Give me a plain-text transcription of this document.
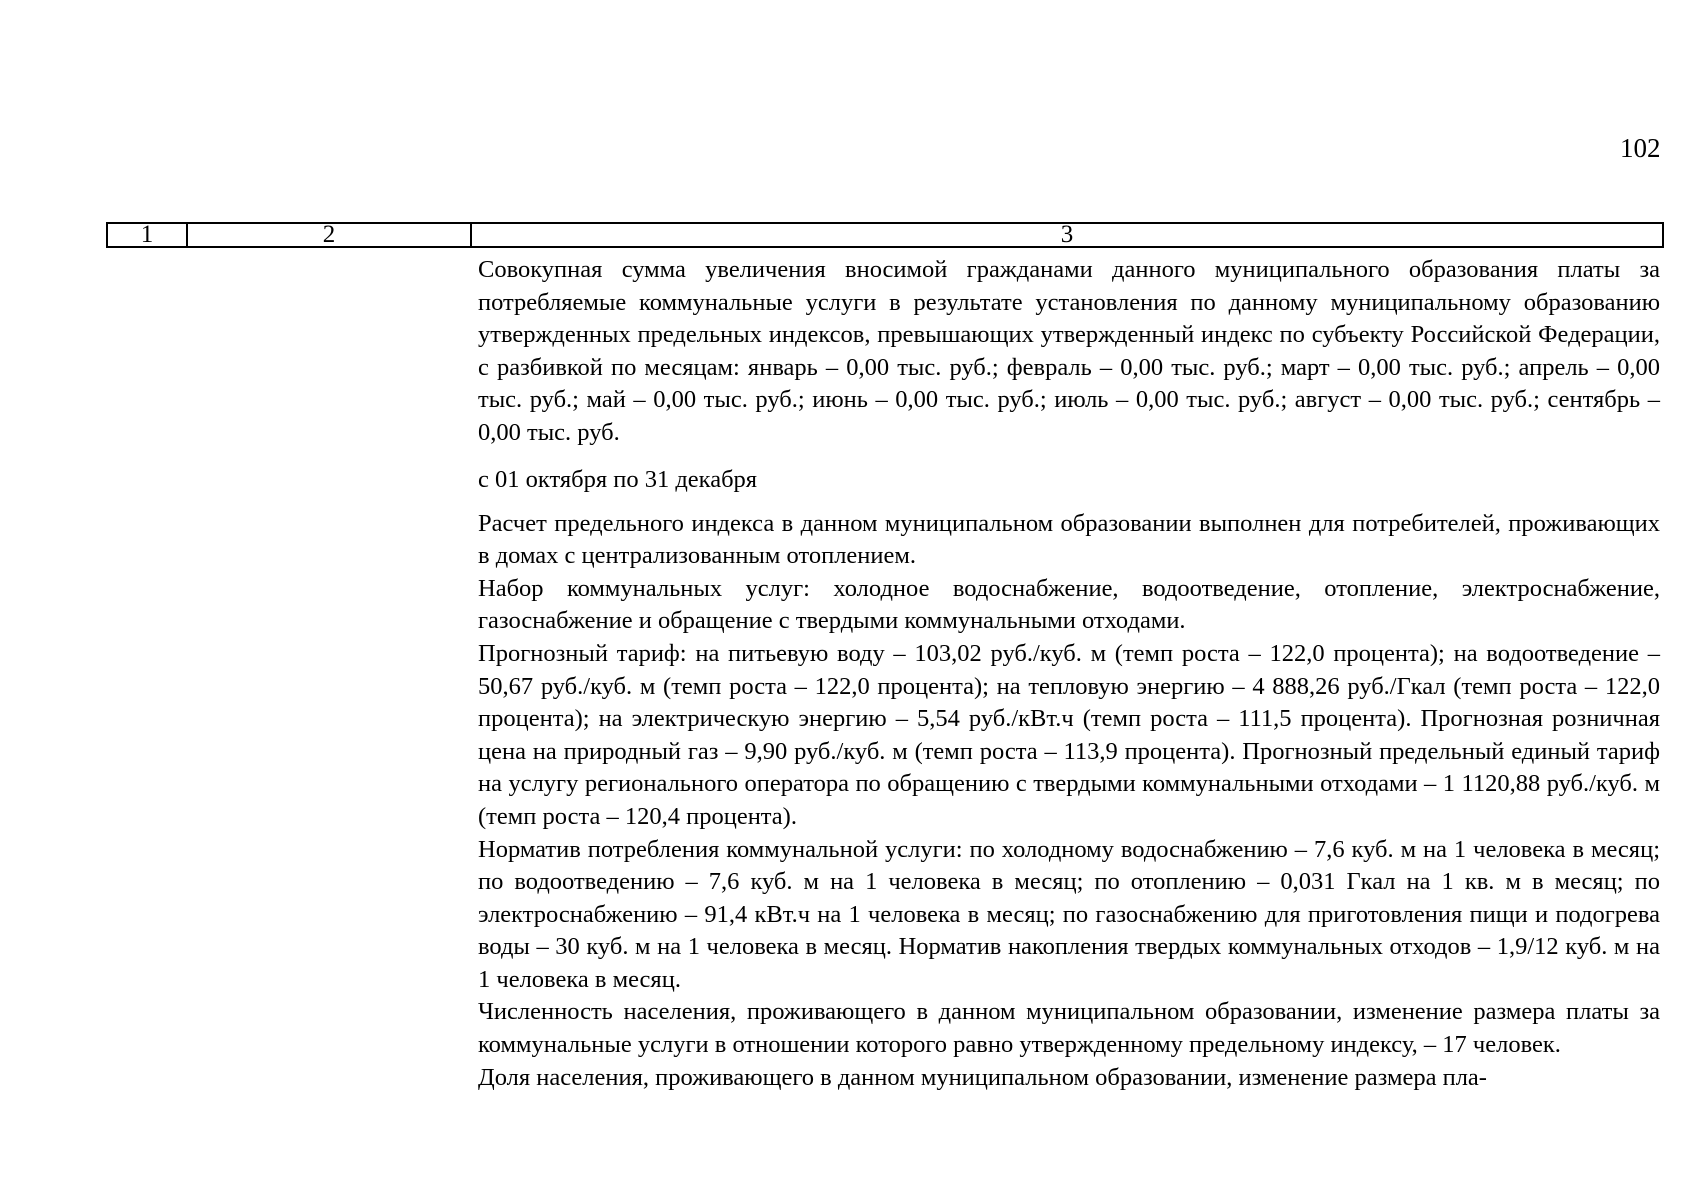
102
1	2	3

Совокупная сумма увеличения вносимой гражданами данного муниципального образования платы за потребляемые коммунальные услуги в результате установления по данному муниципальному образованию утвержденных предельных индексов, превышающих утвержденный индекс по субъекту Российской Федерации, с разбивкой по месяцам: январь – 0,00 тыс. руб.; февраль – 0,00 тыс. руб.; март – 0,00 тыс. руб.; апрель – 0,00 тыс. руб.; май – 0,00 тыс. руб.; июнь – 0,00 тыс. руб.; июль – 0,00 тыс. руб.; август – 0,00 тыс. руб.; сентябрь – 0,00 тыс. руб.

с 01 октября по 31 декабря

Расчет предельного индекса в данном муниципальном образовании выполнен для потребителей, проживающих в домах с централизованным отоплением.

Набор коммунальных услуг: холодное водоснабжение, водоотведение, отопление, электроснабжение, газоснабжение и обращение с твердыми коммунальными отходами.

Прогнозный тариф: на питьевую воду – 103,02 руб./куб. м (темп роста – 122,0 процента); на водоотведение – 50,67 руб./куб. м (темп роста – 122,0 процента); на тепловую энергию – 4 888,26 руб./Гкал (темп роста – 122,0 процента); на электрическую энергию – 5,54 руб./кВт.ч (темп роста – 111,5 процента). Прогнозная розничная цена на природный газ – 9,90 руб./куб. м (темп роста – 113,9 процента). Прогнозный предельный единый тариф на услугу регионального оператора по обращению с твердыми коммунальными отходами – 1 1120,88 руб./куб. м (темп роста – 120,4 процента).

Норматив потребления коммунальной услуги: по холодному водоснабжению – 7,6 куб. м на 1 человека в месяц; по водоотведению – 7,6 куб. м на 1 человека в месяц; по отоплению – 0,031 Гкал на 1 кв. м в месяц; по электроснабжению – 91,4 кВт.ч на 1 человека в месяц; по газоснабжению для приготовления пищи и подогрева воды – 30 куб. м на 1 человека в месяц. Норматив накопления твердых коммунальных отходов – 1,9/12 куб. м на 1 человека в месяц.

Численность населения, проживающего в данном муниципальном образовании, изменение размера платы за коммунальные услуги в отношении которого равно утвержденному предельному индексу, – 17 человек.

Доля населения, проживающего в данном муниципальном образовании, изменение размера пла-
